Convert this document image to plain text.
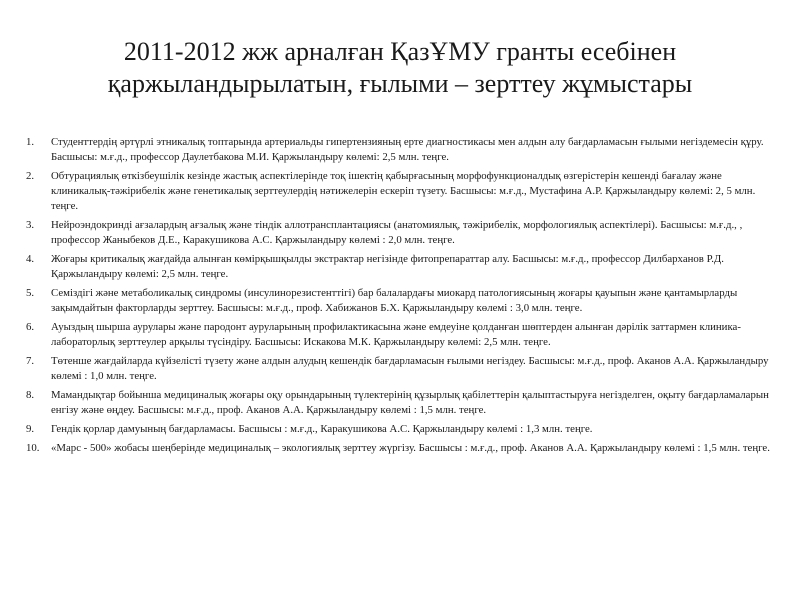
2011-2012 жж арналған ҚазҰМУ гранты есебінен
қаржыландырылатын, ғылыми – зерттеу жұмыстары
1.	Студенттердің әртүрлі этникалық топтарында артериальды гипертензияның ерте диагностикасы мен алдын алу бағдарламасын ғылыми негіздемесін құру. Басшысы: м.ғ.д., профессор Даулетбакова М.И. Қаржыландыру көлемі: 2,5 млн. теңге.
2.	Обтурациялық өткізбеушілік кезінде жастық аспектілерінде тоқ ішектің қабырғасының морфофункционалдық өзгерістерін кешенді бағалау және клиникалық-тәжірибелік және генетикалық зерттеулердің нәтижелерін ескеріп түзету. Басшысы: м.ғ.д., Мустафина А.Р. Қаржыландыру көлемі: 2, 5 млн. теңге.
3.	Нейроэндокринді ағзалардың ағзалық және тіндік аллотрансплантациясы (анатомиялық, тәжірибелік, морфологиялық аспектілері). Басшысы: м.ғ.д., , профессор Жаныбеков Д.Е., Каракушикова А.С. Қаржыландыру көлемі : 2,0 млн. теңге.
4.	Жоғары критикалық жағдайда алынған көмірқышқылды экстрактар негізінде фитопрепараттар алу. Басшысы: м.ғ.д., профессор Дилбарханов Р.Д. Қаржыландыру көлемі: 2,5 млн. теңге.
5.	Семіздігі және метаболикалық синдромы (инсулинорезистенттігі) бар балалардағы миокард патологиясының жоғары қауыпын және қантамырларды зақымдайтын факторларды зерттеу. Басшысы: м.ғ.д., проф. Хабижанов Б.Х. Қаржыландыру көлемі : 3,0 млн. теңге.
6.	Ауыздың шырша аурулары және пародонт ауруларының профилактикасына және емдеуіне қолданған шөптерден алынған дәрілік заттармен клиника-лабораторлық зерттеулер арқылы түсіндіру. Басшысы: Искакова М.К. Қаржыландыру көлемі: 2,5 млн. теңге.
7.	Төтенше жағдайларда күйзелісті түзету және алдын алудың кешендік бағдарламасын ғылыми негіздеу. Басшысы: м.ғ.д., проф. Аканов А.А. Қаржыландыру көлемі : 1,0 млн. теңге.
8.	Мамандықтар бойынша медициналық жоғары оқу орындарының түлектерінің құзырлық қабілеттерін қалыптастыруға негізделген, оқыту бағдарламаларын енгізу және өңдеу. Басшысы: м.ғ.д., проф. Аканов А.А. Қаржыландыру көлемі : 1,5 млн. теңге.
9.	Гендік қорлар дамуының бағдарламасы. Басшысы : м.ғ.д., Каракушикова А.С. Қаржыландыру көлемі : 1,3 млн. теңге.
10.	«Марс - 500» жобасы шеңберінде медициналық – экологиялық зерттеу жүргізу. Басшысы : м.ғ.д., проф. Аканов А.А. Қаржыландыру көлемі : 1,5 млн. теңге.
